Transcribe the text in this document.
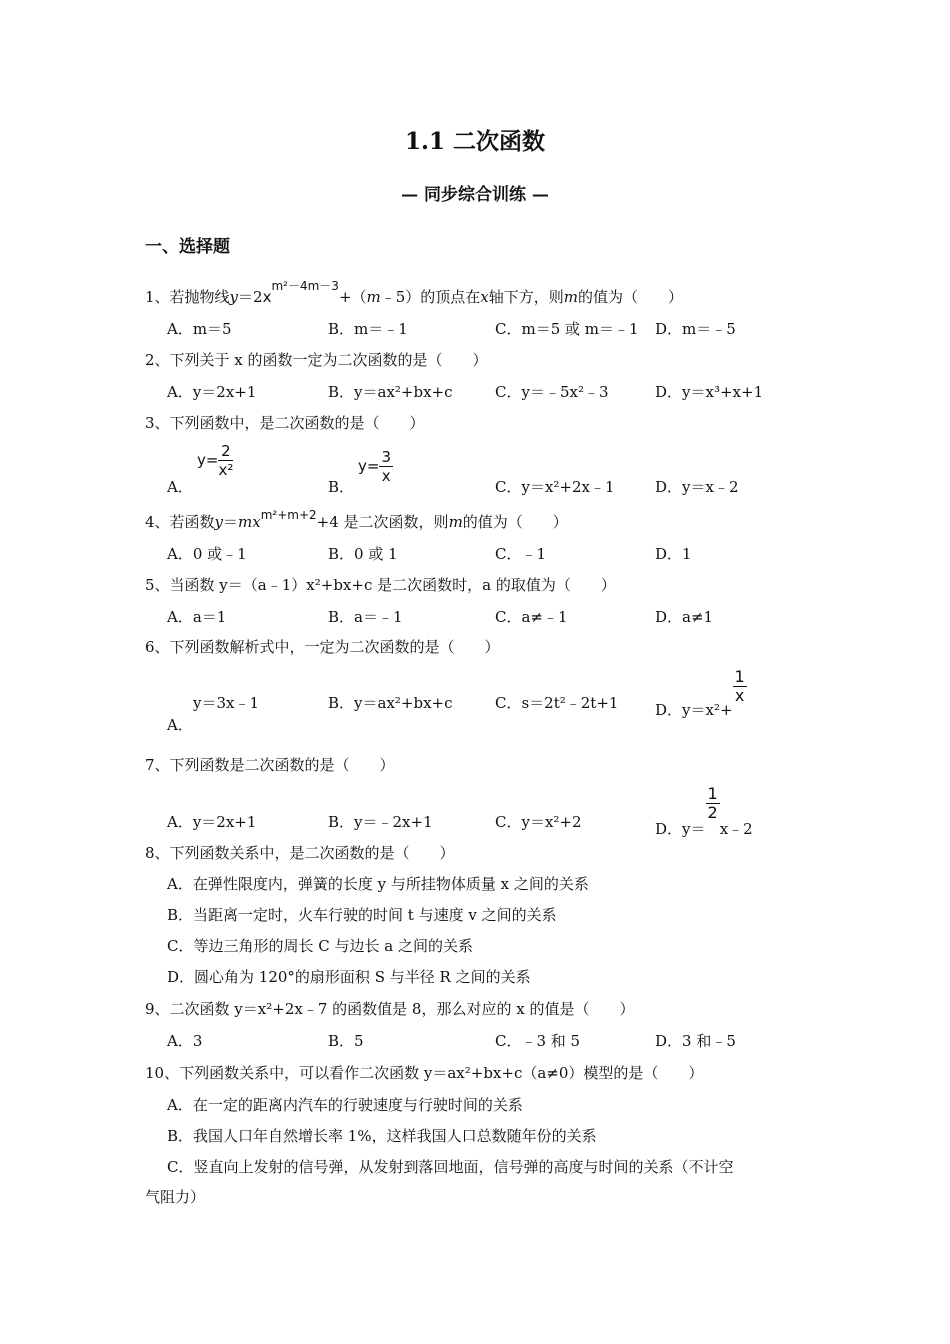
1.1 二次函数
— 同步综合训练 —
一、选择题
1、若抛物线$y=2x^{m^2-4m-3}+(m﹣5)$的顶点在x轴下方，则m的值为（　　）
A．m＝5	B．m＝﹣1	C．m＝5 或 m＝﹣1 D．m＝﹣5
2、下列关于 x 的函数一定为二次函数的是（　　）
A．y＝2x+1	B．y＝ax²+bx+c	C．y＝﹣5x²﹣3	D．y＝x³+x+1
3、下列函数中，是二次函数的是（　　）
A．
$y= \frac{2}{\text{x²}}$
B．
$y= \frac{3}{x}$
C．y＝x²+2x﹣1	D．y＝x﹣2
4、若函数$y=mx^{m^2+m+2}+4$ 是二次函数，则m的值为（　　）
A．0 或﹣1	B．0 或 1	C．﹣1	D．1
5、当函数 y＝（a﹣1）x²+bx+c 是二次函数时，a 的取值为（　　）
A．a＝1	B．a＝﹣1	C．a≠﹣1	D．a≠1
6、下列函数解析式中，一定为二次函数的是（　　）
y＝3x﹣1
A．
B．y＝ax²+bx+c	C．s＝2t²﹣2t+1 D．y＝x²+
$\frac{1}{x}$
7、下列函数是二次函数的是（　　）
A．y＝2x+1	B．y＝﹣2x+1	C．y＝x²+2	D．y＝
$\frac{1}{2}$
x﹣2
8、下列函数关系中，是二次函数的是（　　）
A．在弹性限度内，弹簧的长度 y 与所挂物体质量 x 之间的关系
B．当距离一定时，火车行驶的时间 t 与速度 v 之间的关系
C．等边三角形的周长 C 与边长 a 之间的关系
D．圆心角为 120°的扇形面积 S 与半径 R 之间的关系
9、二次函数 y＝x²+2x﹣7 的函数值是 8，那么对应的 x 的值是（　　）
A．3	B．5	C．﹣3 和 5	D．3 和﹣5
10、下列函数关系中，可以看作二次函数 y＝ax²+bx+c（a≠0）模型的是（　　）
A．在一定的距离内汽车的行驶速度与行驶时间的关系
B．我国人口年自然增长率 1%，这样我国人口总数随年份的关系
C．竖直向上发射的信号弹，从发射到落回地面，信号弹的高度与时间的关系（不计空
气阻力）
